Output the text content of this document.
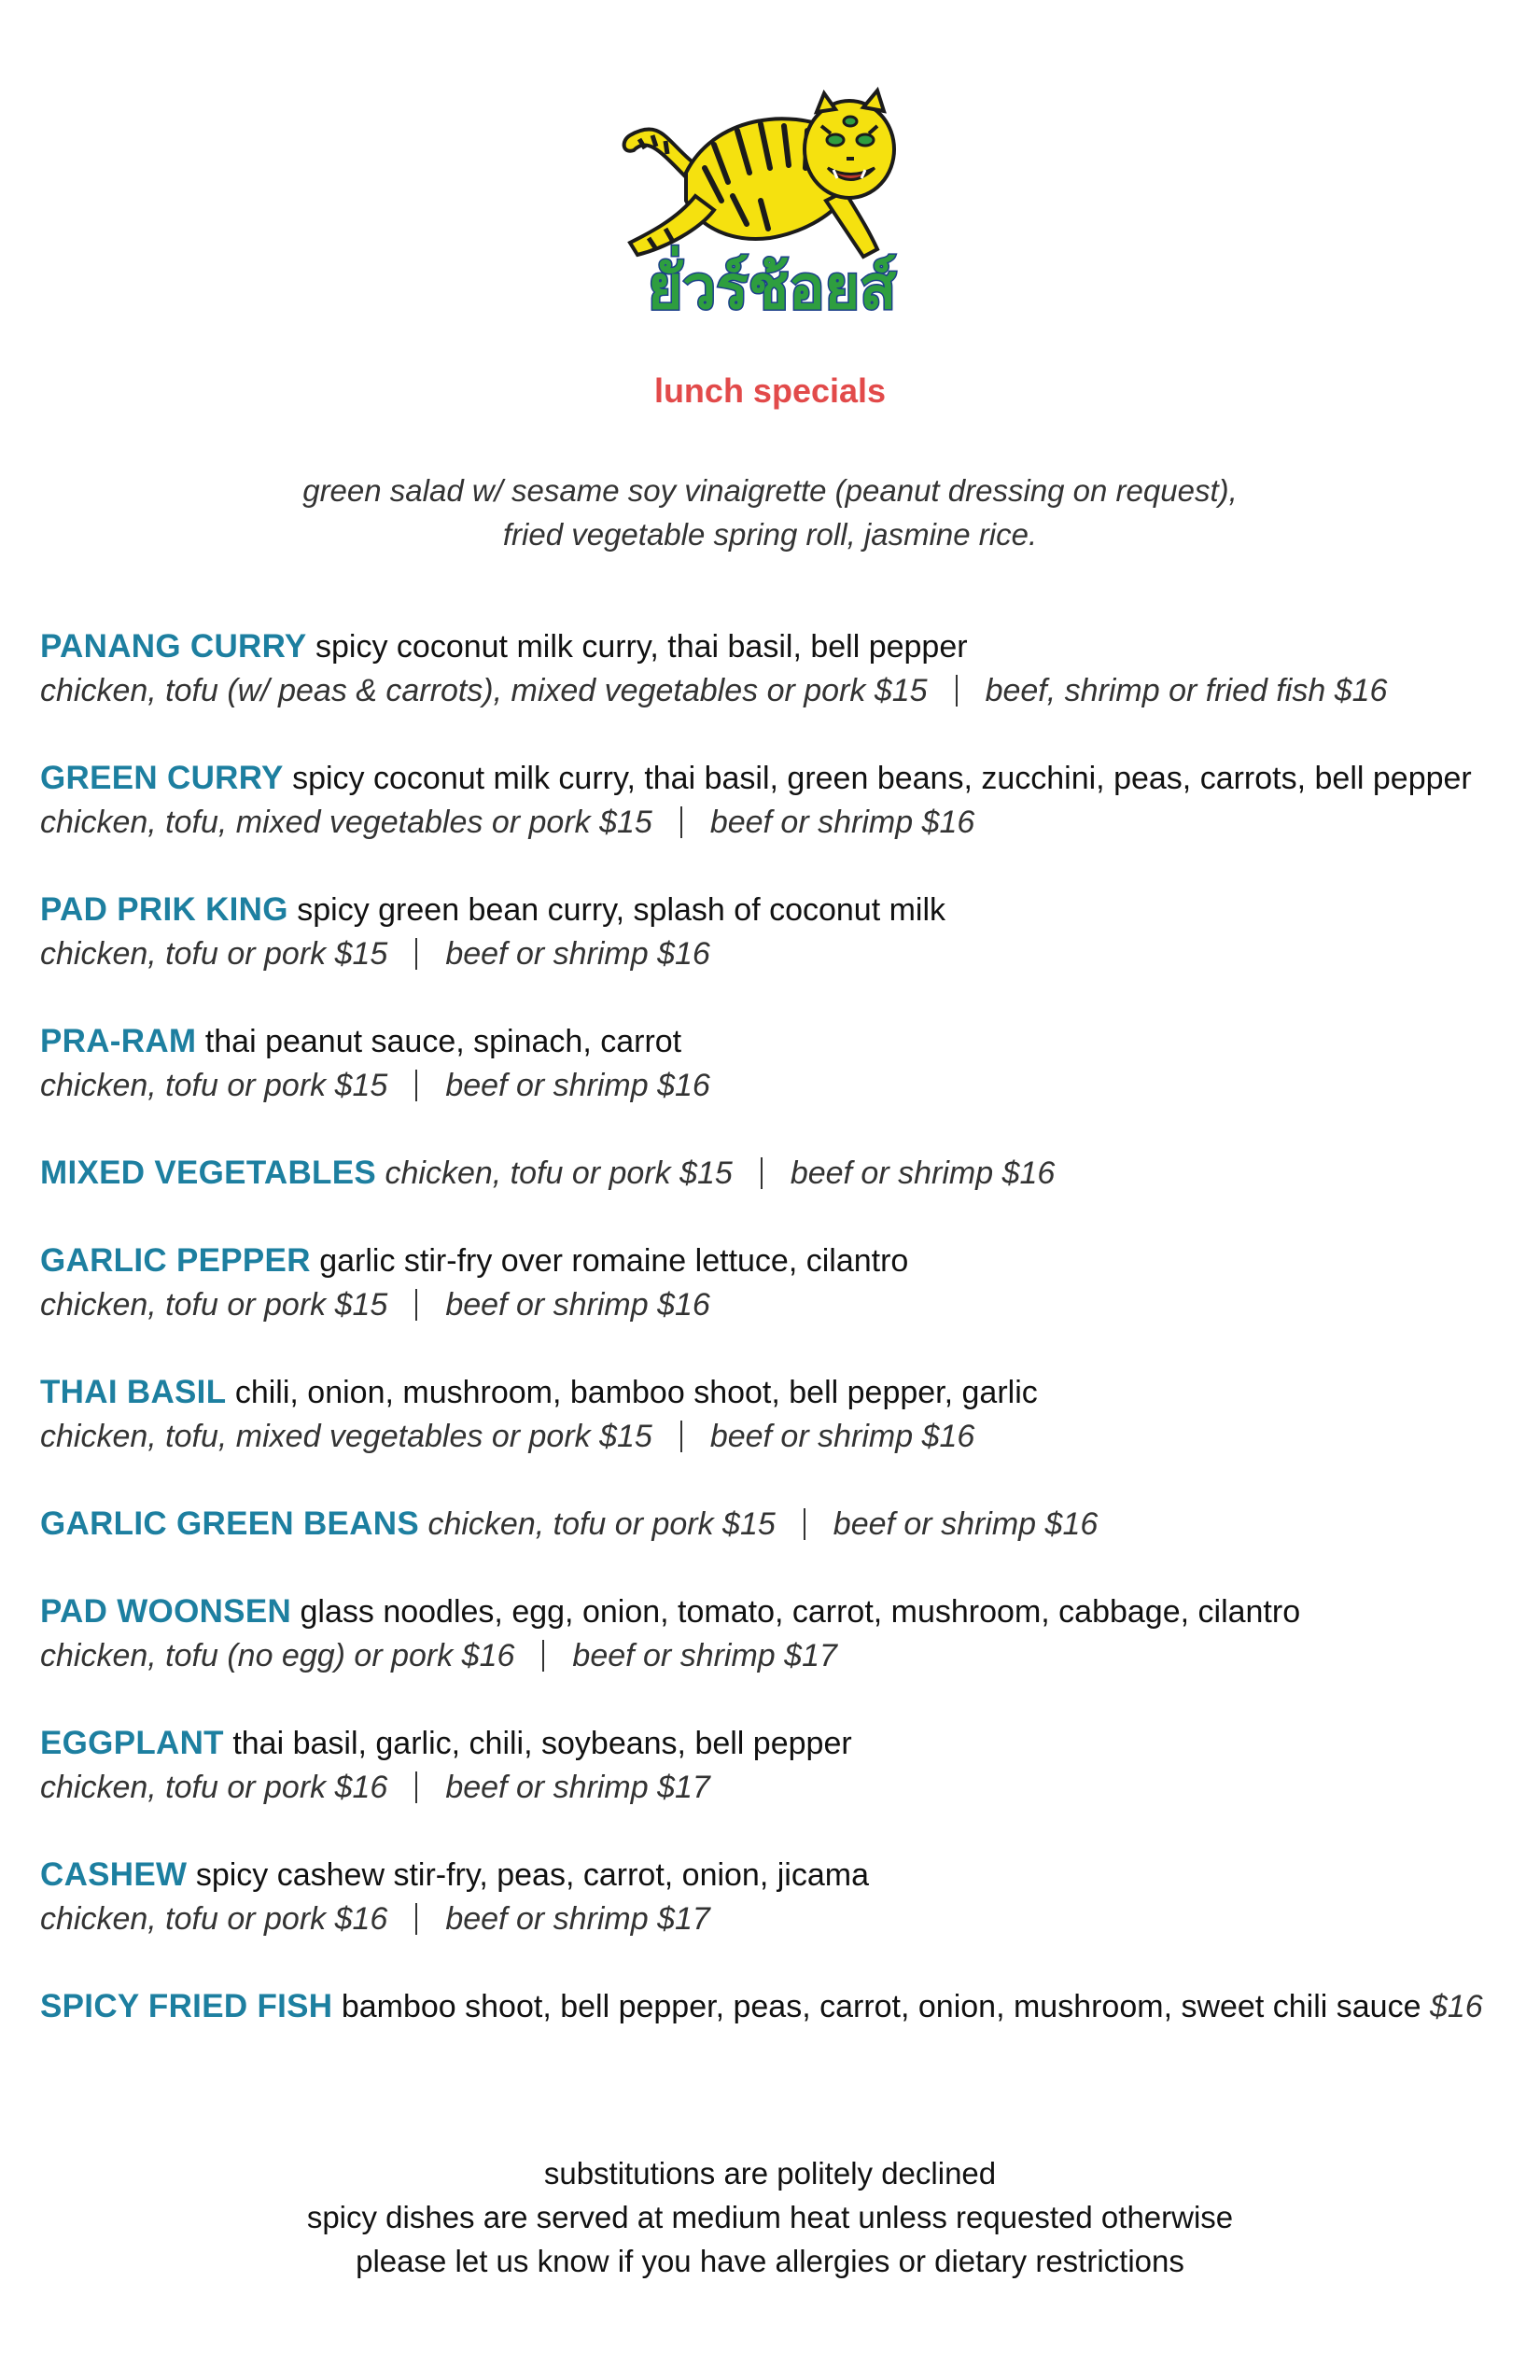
ยั่วร์ช้อยส์
lunch specials
green salad w/ sesame soy vinaigrette (peanut dressing on request),
fried vegetable spring roll, jasmine rice.
PANANG CURRY spicy coconut milk curry, thai basil, bell pepper
chicken, tofu (w/ peas & carrots), mixed vegetables or pork $15 beef, shrimp or fried fish $16
GREEN CURRY spicy coconut milk curry, thai basil, green beans, zucchini, peas, carrots, bell pepper
chicken, tofu, mixed vegetables or pork $15 beef or shrimp $16
PAD PRIK KING spicy green bean curry, splash of coconut milk
chicken, tofu or pork $15 beef or shrimp $16
PRA-RAM thai peanut sauce, spinach, carrot
chicken, tofu or pork $15 beef or shrimp $16
MIXED VEGETABLES chicken, tofu or pork $15 beef or shrimp $16
GARLIC PEPPER garlic stir-fry over romaine lettuce, cilantro
chicken, tofu or pork $15 beef or shrimp $16
THAI BASIL chili, onion, mushroom, bamboo shoot, bell pepper, garlic
chicken, tofu, mixed vegetables or pork $15 beef or shrimp $16
GARLIC GREEN BEANS chicken, tofu or pork $15 beef or shrimp $16
PAD WOONSEN glass noodles, egg, onion, tomato, carrot, mushroom, cabbage, cilantro
chicken, tofu (no egg) or pork $16 beef or shrimp $17
EGGPLANT thai basil, garlic, chili, soybeans, bell pepper
chicken, tofu or pork $16 beef or shrimp $17
CASHEW spicy cashew stir-fry, peas, carrot, onion, jicama
chicken, tofu or pork $16 beef or shrimp $17
SPICY FRIED FISH bamboo shoot, bell pepper, peas, carrot, onion, mushroom, sweet chili sauce $16
substitutions are politely declined
spicy dishes are served at medium heat unless requested otherwise
please let us know if you have allergies or dietary restrictions
